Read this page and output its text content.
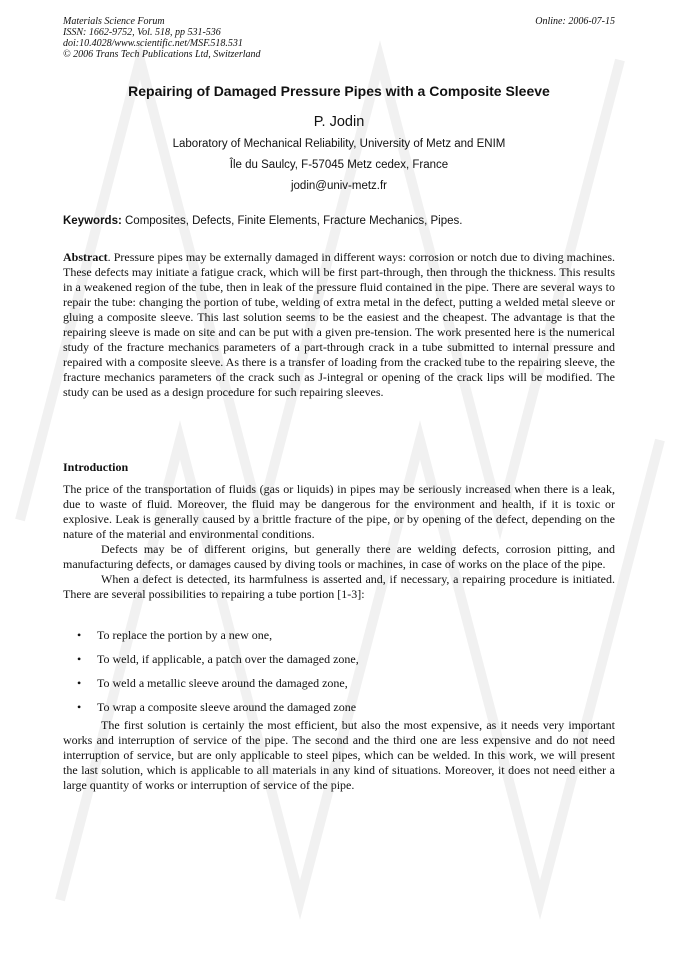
Materials Science Forum
ISSN: 1662-9752, Vol. 518, pp 531-536
doi:10.4028/www.scientific.net/MSF.518.531
© 2006 Trans Tech Publications Ltd, Switzerland
Online: 2006-07-15
Repairing of Damaged Pressure Pipes with a Composite Sleeve
P. Jodin
Laboratory of Mechanical Reliability, University of Metz and ENIM
Île du Saulcy, F-57045 Metz cedex, France
jodin@univ-metz.fr
Keywords: Composites, Defects, Finite Elements, Fracture Mechanics, Pipes.

Abstract. Pressure pipes may be externally damaged in different ways: corrosion or notch due to diving machines. These defects may initiate a fatigue crack, which will be first part-through, then through the thickness. This results in a weakened region of the tube, then in leak of the pressure fluid contained in the pipe. There are several ways to repair the tube: changing the portion of tube, welding of extra metal in the defect, putting a welded metal sleeve or gluing a composite sleeve. This last solution seems to be the easiest and the cheapest. The advantage is that the repairing sleeve is made on site and can be put with a given pre-tension. The work presented here is the numerical study of the fracture mechanics parameters of a part-through crack in a tube submitted to internal pressure and repaired with a composite sleeve. As there is a transfer of loading from the cracked tube to the repairing sleeve, the fracture mechanics parameters of the crack such as J-integral or opening of the crack lips will be modified. The study can be used as a design procedure for such repairing sleeves.

Introduction

The price of the transportation of fluids (gas or liquids) in pipes may be seriously increased when there is a leak, due to waste of fluid. Moreover, the fluid may be dangerous for the environment and health, if it is toxic or explosive. Leak is generally caused by a brittle fracture of the pipe, or by opening of the defect, depending on the nature of the material and environmental conditions.

Defects may be of different origins, but generally there are welding defects, corrosion pitting, and manufacturing defects, or damages caused by diving tools or machines, in case of works on the place of the pipe.

When a defect is detected, its harmfulness is asserted and, if necessary, a repairing procedure is initiated. There are several possibilities to repairing a tube portion [1-3]:

• To replace the portion by a new one,
• To weld, if applicable, a patch over the damaged zone,
• To weld a metallic sleeve around the damaged zone,
• To wrap a composite sleeve around the damaged zone

The first solution is certainly the most efficient, but also the most expensive, as it needs very important works and interruption of service of the pipe. The second and the third one are less expensive and do not need interruption of service, but are only applicable to steel pipes, which can be welded. In this work, we will present the last solution, which is applicable to all materials in any kind of situations. Moreover, it does not need either a large quantity of works or interruption of service of the pipe.
